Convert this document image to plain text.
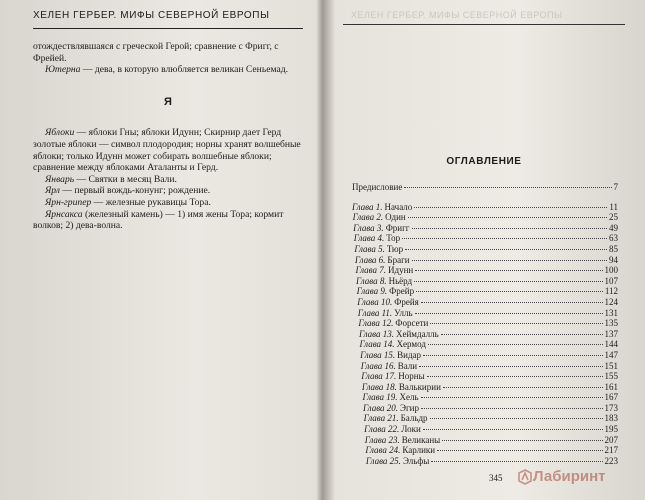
ХЕЛЕН ГЕРБЕР. МИФЫ СЕВЕРНОЙ ЕВРОПЫ

отождествлявшаяся с греческой Герой; сравнение с Фригг, с Фрейей.

Ютерна — дева, в которую влюбляется великан Сеньемад.

Я

Яблоки — яблоки Гны; яблоки Идунн; Скирнир дает Герд золотые яблоки — символ плодородия; норны хранят волшебные яблоки; только Идунн может собирать волшебные яблоки; сравнение между яблоками Аталанты и Герд.

Январь — Святки в месяц Вали.

Ярл — первый вождь-конунг; рождение.

Ярн-грипер — железные рукавицы Тора.

Ярнсакса (железный камень) — 1) имя жены Тора; кормит волков; 2) дева-волна.

ХЕЛЕН ГЕРБЕР. МИФЫ СЕВЕРНОЙ ЕВРОПЫ
ОГЛАВЛЕНИЕ
Предисловие	7
Глава 1. Начало	11
Глава 2. Один	25
Глава 3. Фригг	49
Глава 4. Тор	63
Глава 5. Тюр	85
Глава 6. Браги	94
Глава 7. Идунн	100
Глава 8. Ньёрд	107
Глава 9. Фрейр	112
Глава 10. Фрейя	124
Глава 11. Улль	131
Глава 12. Форсети	135
Глава 13. Хеймдалль	137
Глава 14. Хермод	144
Глава 15. Видар	147
Глава 16. Вали	151
Глава 17. Норны	155
Глава 18. Валькирии	161
Глава 19. Хель	167
Глава 20. Эгир	173
Глава 21. Бальдр	183
Глава 22. Локи	195
Глава 23. Великаны	207
Глава 24. Карлики	217
Глава 25. Эльфы	223
345 Лабиринт
